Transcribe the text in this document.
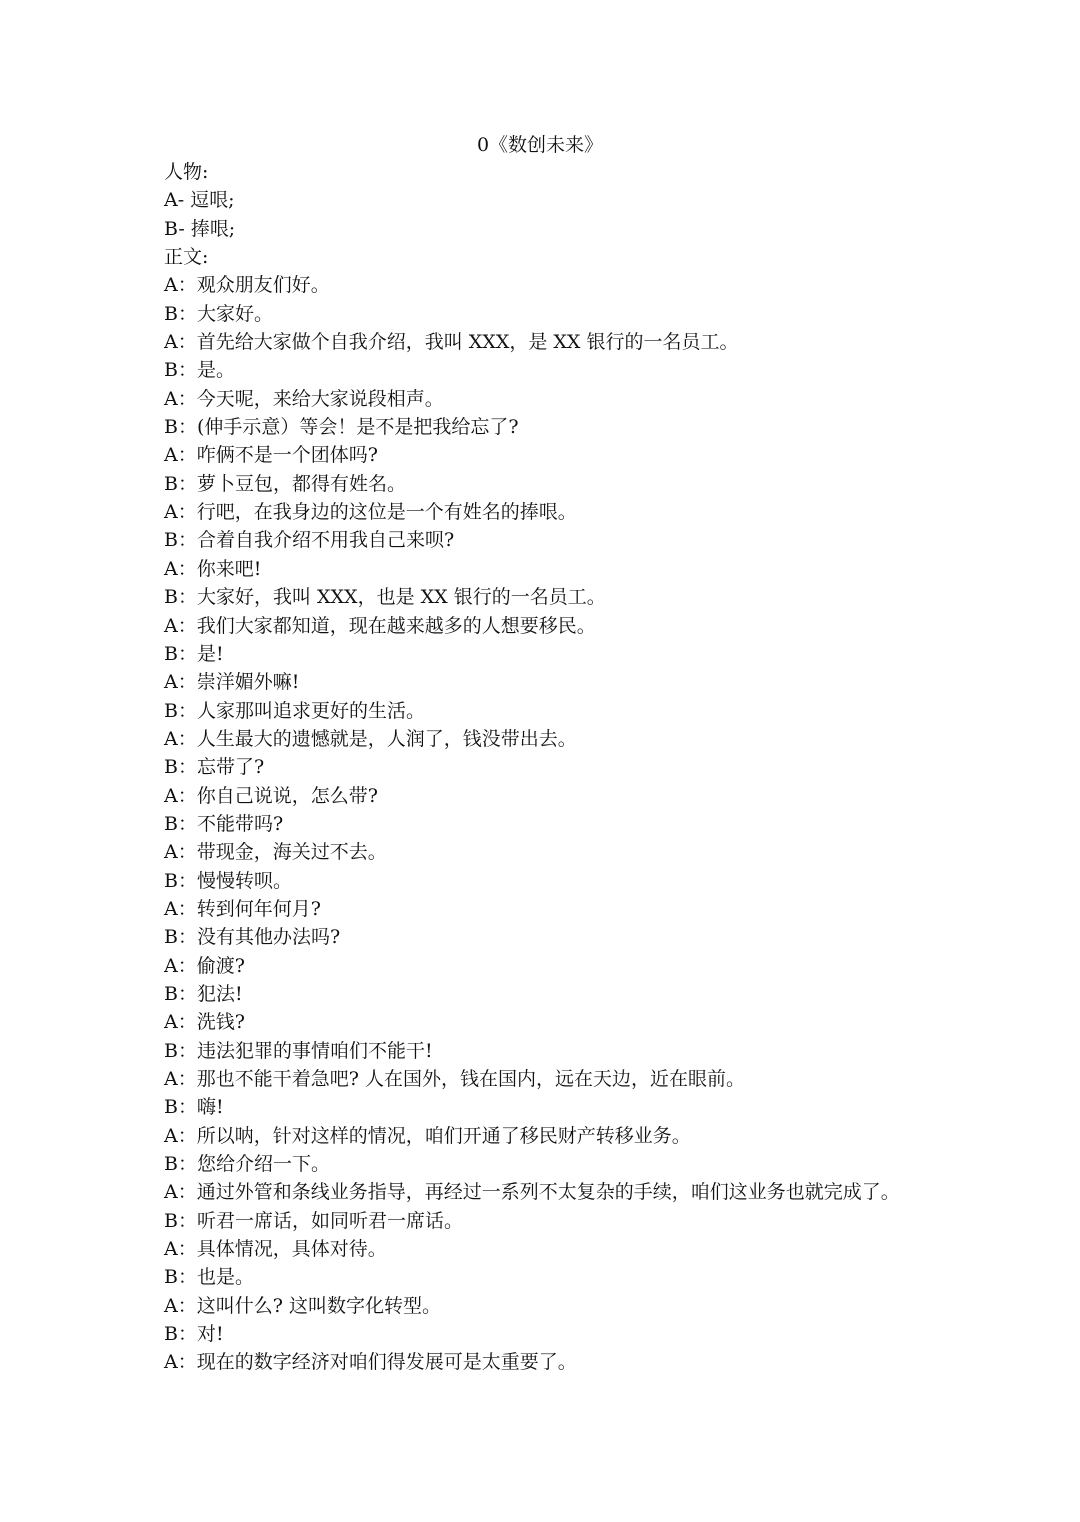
0《数创未来》
人物:
A- 逗哏;
B- 捧哏;
正文:
A：观众朋友们好。
B：大家好。
A：首先给大家做个自我介绍，我叫 XXX，是 XX 银行的一名员工。
B：是。
A：今天呢，来给大家说段相声。
B：(伸手示意）等会！是不是把我给忘了?
A：咋俩不是一个团体吗?
B：萝卜豆包，都得有姓名。
A：行吧，在我身边的这位是一个有姓名的捧哏。
B：合着自我介绍不用我自己来呗?
A：你来吧!
B：大家好，我叫 XXX，也是 XX 银行的一名员工。
A：我们大家都知道，现在越来越多的人想要移民。
B：是!
A：崇洋媚外嘛!
B：人家那叫追求更好的生活。
A：人生最大的遗憾就是，人润了，钱没带出去。
B：忘带了?
A：你自己说说，怎么带?
B：不能带吗?
A：带现金，海关过不去。
B：慢慢转呗。
A：转到何年何月?
B：没有其他办法吗?
A：偷渡?
B：犯法!
A：洗钱?
B：违法犯罪的事情咱们不能干!
A：那也不能干着急吧? 人在国外，钱在国内，远在天边，近在眼前。
B：嗨!
A：所以呐，针对这样的情况，咱们开通了移民财产转移业务。
B：您给介绍一下。
A：通过外管和条线业务指导，再经过一系列不太复杂的手续，咱们这业务也就完成了。
B：听君一席话，如同听君一席话。
A：具体情况，具体对待。
B：也是。
A：这叫什么? 这叫数字化转型。
B：对!
A：现在的数字经济对咱们得发展可是太重要了。
